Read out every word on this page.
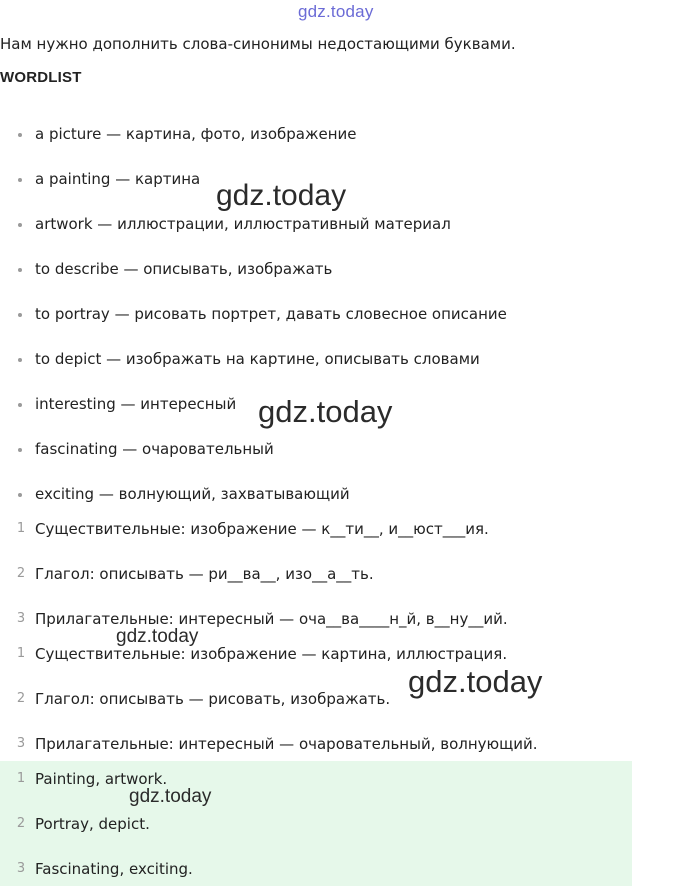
gdz.today
Нам нужно дополнить слова-синонимы недостающими буквами.
WORDLIST
a picture — картина, фото, изображение
a painting — картина
artwork — иллюстрации, иллюстративный материал
to describe — описывать, изображать
to portray — рисовать портрет, давать словесное описание
to depict — изображать на картине, описывать словами
interesting — интересный
fascinating — очаровательный
exciting — волнующий, захватывающий
1 Существительные: изображение — к__ти__, и__юст___ия.
2 Глагол: описывать — ри__ва__, изо__а__ть.
3 Прилагательные: интересный — оча__ва____н_й, в__ну__ий.
1 Существительные: изображение — картина, иллюстрация.
2 Глагол: описывать — рисовать, изображать.
3 Прилагательные: интересный — очаровательный, волнующий.
1 Painting, artwork.
2 Portray, depict.
3 Fascinating, exciting.
gdz.today
gdz.today
gdz.today
gdz.today
gdz.today
